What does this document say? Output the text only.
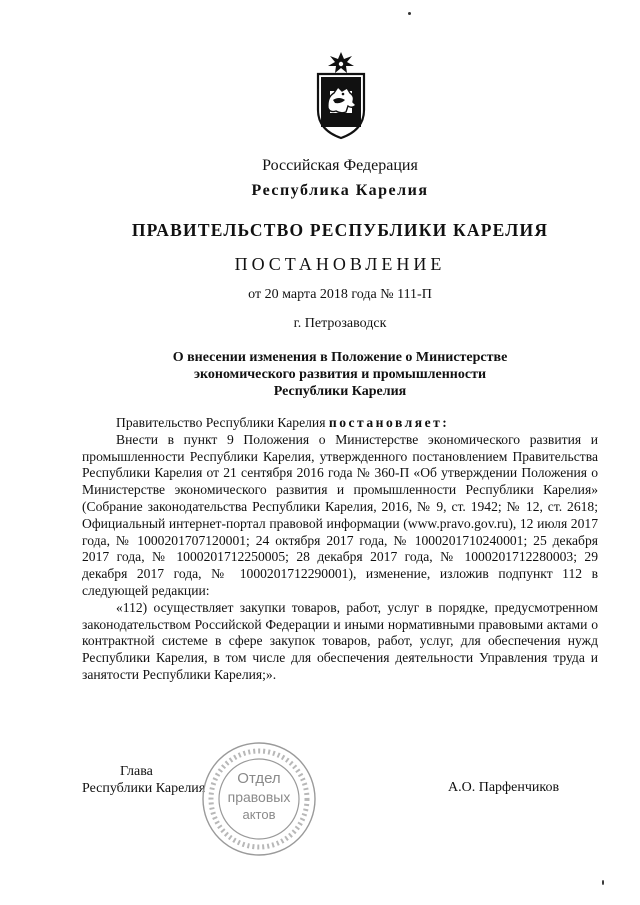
Российская Федерация
Республика Карелия
ПРАВИТЕЛЬСТВО РЕСПУБЛИКИ КАРЕЛИЯ
ПОСТАНОВЛЕНИЕ
от 20 марта 2018 года № 111-П
г. Петрозаводск
О внесении изменения в Положение о Министерстве
экономического развития и промышленности
Республики Карелия

Правительство Республики Карелия постановляет:

Внести в пункт 9 Положения о Министерстве экономического развития и промышленности Республики Карелия, утвержденного постановлением Правительства Республики Карелия от 21 сентября 2016 года № 360-П «Об утверждении Положения о Министерстве экономического развития и промышленности Республики Карелия» (Собрание законодательства Республики Карелия, 2016, № 9, ст. 1942; № 12, ст. 2618; Официальный интернет-портал правовой информации (www.pravo.gov.ru), 12 июля 2017 года, № 1000201707120001; 24 октября 2017 года, № 1000201710240001; 25 декабря 2017 года, № 1000201712250005; 28 декабря 2017 года, № 1000201712280003; 29 декабря 2017 года, № 1000201712290001), изменение, изложив подпункт 112 в следующей редакции:

«112) осуществляет закупки товаров, работ, услуг в порядке, предусмотренном законодательством Российской Федерации и иными нормативными правовыми актами о контрактной системе в сфере закупок товаров, работ, услуг, для обеспечения нужд Республики Карелия, в том числе для обеспечения деятельности Управления труда и занятости Республики Карелия;».

Глава
Республики Карелия	А.О. Парфенчиков
Отдел
правовых
актов
